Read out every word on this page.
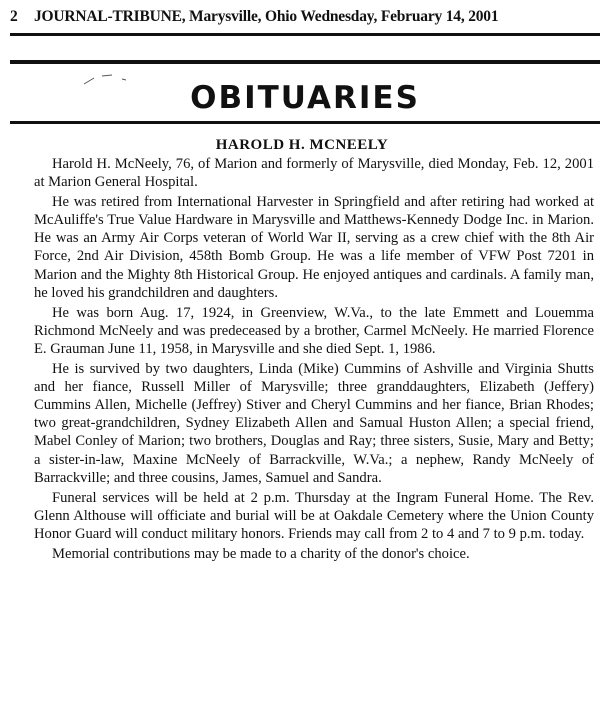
2 JOURNAL-TRIBUNE, Marysville, Ohio Wednesday, February 14, 2001
OBITUARIES
HAROLD H. MCNEELY

Harold H. McNeely, 76, of Marion and formerly of Marysville, died Monday, Feb. 12, 2001 at Marion General Hospital.

He was retired from International Harvester in Springfield and after retiring had worked at McAuliffe's True Value Hardware in Marysville and Matthews-Kennedy Dodge Inc. in Marion. He was an Army Air Corps veteran of World War II, serving as a crew chief with the 8th Air Force, 2nd Air Division, 458th Bomb Group. He was a life member of VFW Post 7201 in Marion and the Mighty 8th Historical Group. He enjoyed antiques and cardinals. A family man, he loved his grandchildren and daughters.

He was born Aug. 17, 1924, in Greenview, W.Va., to the late Emmett and Louemma Richmond McNeely and was predeceased by a brother, Carmel McNeely. He married Florence E. Grauman June 11, 1958, in Marysville and she died Sept. 1, 1986.

He is survived by two daughters, Linda (Mike) Cummins of Ashville and Virginia Shutts and her fiance, Russell Miller of Marysville; three granddaughters, Elizabeth (Jeffery) Cummins Allen, Michelle (Jeffrey) Stiver and Cheryl Cummins and her fiance, Brian Rhodes; two great-grandchildren, Sydney Elizabeth Allen and Samual Huston Allen; a special friend, Mabel Conley of Marion; two brothers, Douglas and Ray; three sisters, Susie, Mary and Betty; a sister-in-law, Maxine McNeely of Barrackville, W.Va.; a nephew, Randy McNeely of Barrackville; and three cousins, James, Samuel and Sandra.

Funeral services will be held at 2 p.m. Thursday at the Ingram Funeral Home. The Rev. Glenn Althouse will officiate and burial will be at Oakdale Cemetery where the Union County Honor Guard will conduct military honors. Friends may call from 2 to 4 and 7 to 9 p.m. today.

Memorial contributions may be made to a charity of the donor's choice.
